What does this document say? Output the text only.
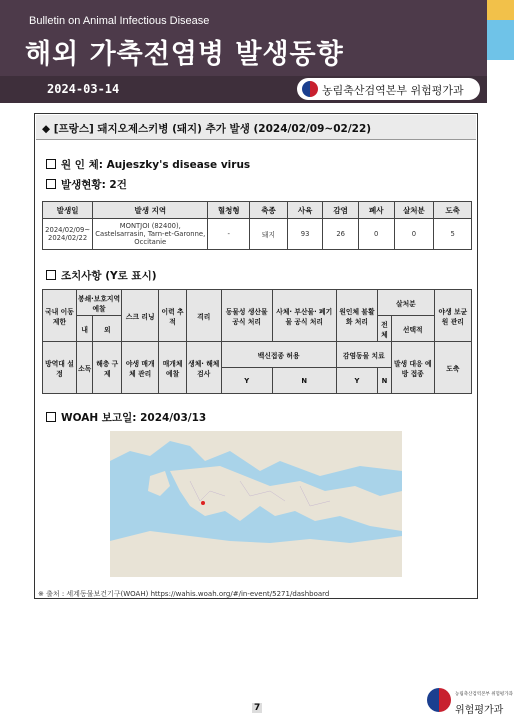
Bulletin on Animal Infectious Disease
해외 가축전염병 발생동향
2024-03-14	농림축산검역본부 위험평가과
◆ [프랑스] 돼지오제스키병 (돼지) 추가 발생 (2024/02/09~02/22)
원 인 체: Aujeszky's disease virus
발생현황: 2건
발생일	발생 지역	혈청형	축종	사육	감염	폐사	살처분	도축
2024/02/09~ 2024/02/22	MONTJOI (82400), Castelsarrasin, Tarn-et-Garonne, Occitanie	-	돼지	93	26	0	0	5
조치사항 (Y로 표시)
국내 이동 제한	봉쇄·보호지역 예찰		스크 리닝	이력 추적	격리	동물성 생산물 공식 처리	사체· 부산물· 폐기물 공식 처리	원인체 불활화 처리	살처분		야생 보균원 관리
	내	외							전체	선택적	
방역대 설정	소독	해충 구제	야생 매개체 관리	매개체 예찰	생체· 해체 검사	백신접종 허용		감염동물 치료		발생 대응 예방 접종	도축
						Y	N	Y	N		
WOAH 보고일: 2024/03/13
※ 출처 : 세계동물보건기구(WOAH) https://wahis.woah.org/#/in-event/5271/dashboard
7
농림축산검역본부 위험평가과
위험평가과
